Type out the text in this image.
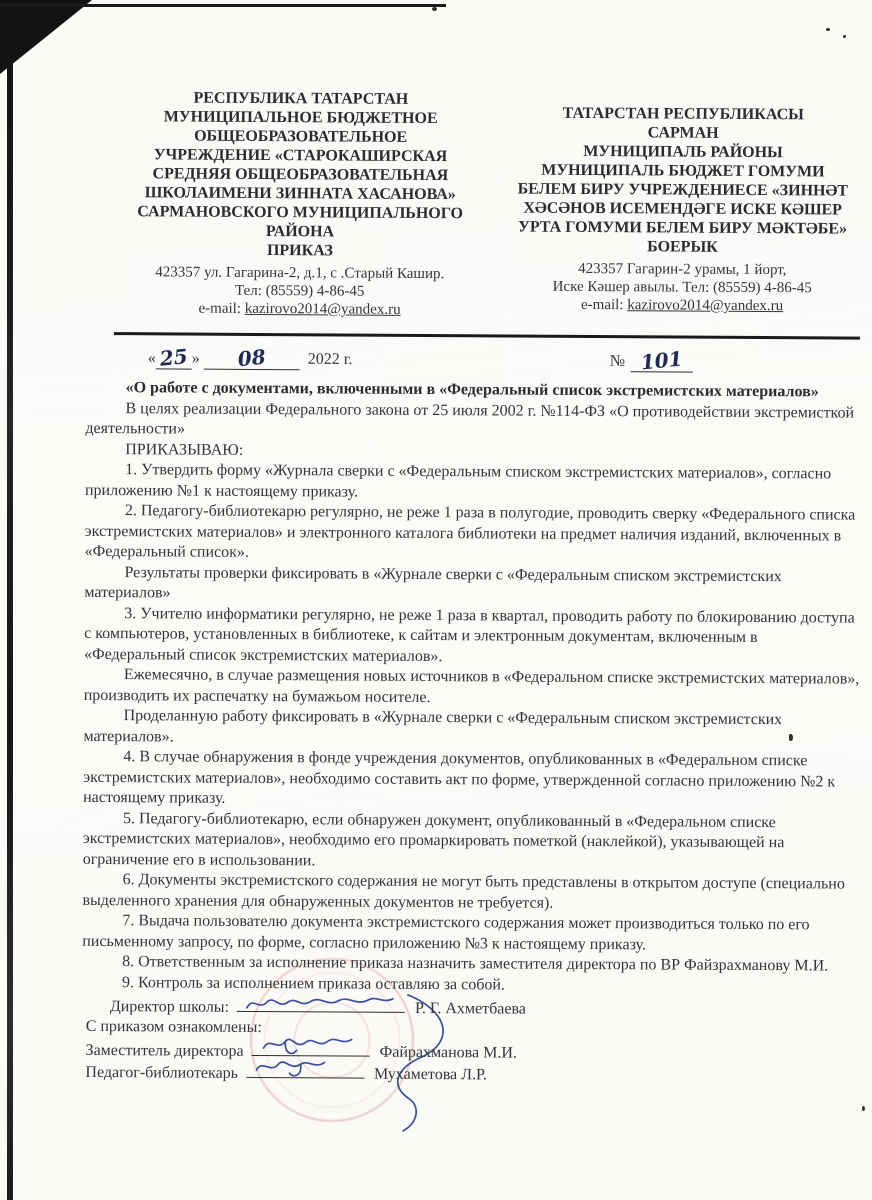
РЕСПУБЛИКА ТАТАРСТАН
МУНИЦИПАЛЬНОЕ БЮДЖЕТНОЕ
ОБЩЕОБРАЗОВАТЕЛЬНОЕ
УЧРЕЖДЕНИЕ «СТАРОКАШИРСКАЯ
СРЕДНЯЯ ОБЩЕОБРАЗОВАТЕЛЬНАЯ
ШКОЛАИМЕНИ ЗИННАТА ХАСАНОВА»
САРМАНОВСКОГО МУНИЦИПАЛЬНОГО
РАЙОНА
ПРИКАЗ
423357 ул. Гагарина-2, д.1, с .Старый Кашир.
Тел: (85559) 4-86-45
e-mail: kazirovo2014@yandex.ru
ТАТАРСТАН РЕСПУБЛИКАСЫ
САРМАН
МУНИЦИПАЛЬ РАЙОНЫ
МУНИЦИПАЛЬ БЮДЖЕТ ГОМУМИ
БЕЛЕМ БИРУ УЧРЕЖДЕНИЕСЕ «ЗИННӘТ
ХӘСӘНОВ ИСЕМЕНДӘГЕ ИСКЕ КӘШЕР
УРТА ГОМУМИ БЕЛЕМ БИРУ МӘКТӘБЕ»
БОЕРЫК
423357 Гагарин-2 урамы, 1 йорт,
Иске Кәшер авылы. Тел: (85559) 4-86-45
e-mail: kazirovo2014@yandex.ru
« 25 » 08	2022 г.	№ 101

«О работе с документами, включенными в «Федеральный список экстремистских материалов»

В целях реализации Федерального закона от 25 июля 2002 г. №114-ФЗ «О противодействии экстремисткой деятельности»

ПРИКАЗЫВАЮ:

1. Утвердить форму «Журнала сверки с «Федеральным списком экстремистских материалов», согласно приложению №1 к настоящему приказу.

2. Педагогу-библиотекарю регулярно, не реже 1 раза в полугодие, проводить сверку «Федерального списка экстремистских материалов» и электронного каталога библиотеки на предмет наличия изданий, включенных в «Федеральный список».

Результаты проверки фиксировать в «Журнале сверки с «Федеральным списком экстремистских материалов»

3. Учителю информатики регулярно, не реже 1 раза в квартал, проводить работу по блокированию доступа с компьютеров, установленных в библиотеке, к сайтам и электронным документам, включенным в «Федеральный список экстремистских материалов».

Ежемесячно, в случае размещения новых источников в «Федеральном списке экстремистских материалов», производить их распечатку на бумажьом носителе.

Проделанную работу фиксировать в «Журнале сверки с «Федеральным списком экстремистских материалов».

4. В случае обнаружения в фонде учреждения документов, опубликованных в «Федеральном списке экстремистских материалов», необходимо составить акт по форме, утвержденной согласно приложению №2 к настоящему приказу.

5. Педагогу-библиотекарю, если обнаружен документ, опубликованный в «Федеральном списке экстремистских материалов», необходимо его промаркировать пометкой (наклейкой), указывающей на ограничение его в использовании.

6. Документы экстремистского содержания не могут быть представлены в открытом доступе (специально выделенного хранения для обнаруженных документов не требуется).

7. Выдача пользователю документа экстремистского содержания может производиться только по его письменному запросу, по форме, согласно приложению №3 к настоящему приказу.

8. Ответственным за исполнение приказа назначить заместителя директора по ВР Файзрахманову М.И.

9. Контроль за исполнением приказа оставляю за собой.

Директор школы:	Р. Г. Ахметбаева
С приказом ознакомлены:
Заместитель директора	Файрахманова М.И.
Педагог-библиотекарь	Мухаметова Л.Р.
